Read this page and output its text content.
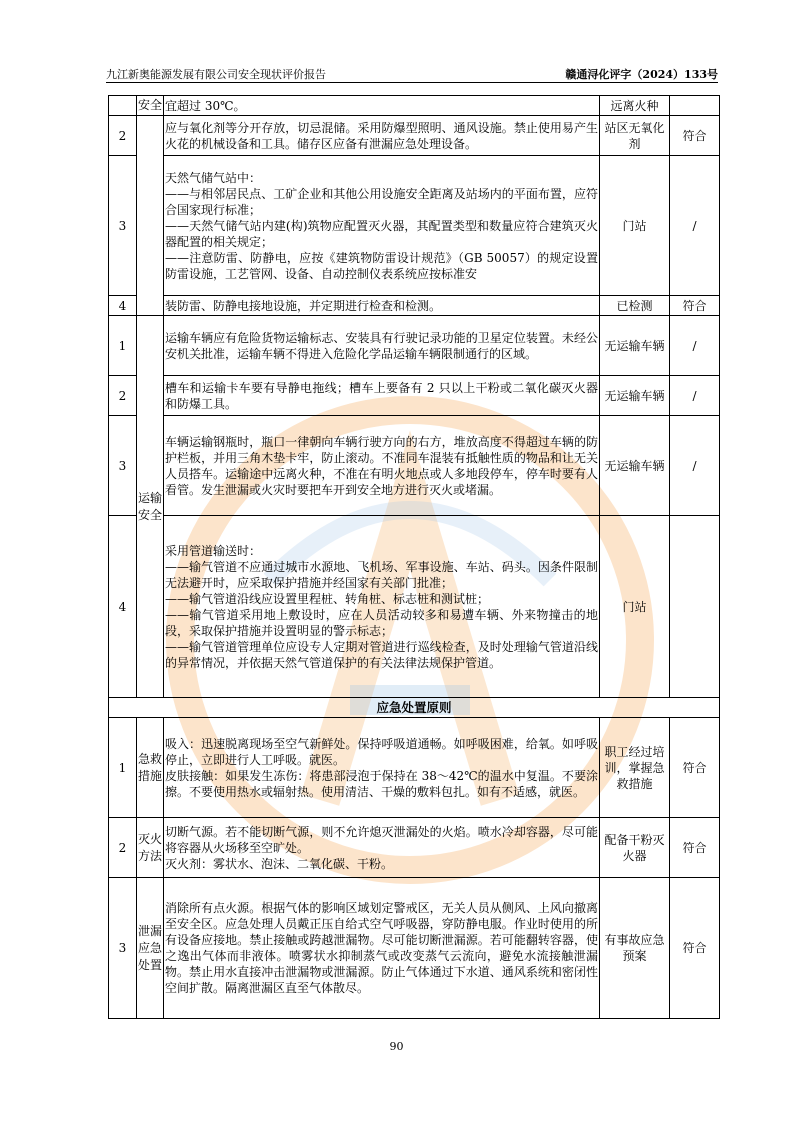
九江新奥能源发展有限公司安全现状评价报告	赣通浔化评字（2024）133号
	安全	宜超过 30℃。	远离火种	
2		应与氧化剂等分开存放，切忌混储。采用防爆型照明、通风设施。禁止使用易产生火花的机械设备和工具。储存区应备有泄漏应急处理设备。	站区无氧化剂	符合
3		天然气储气站中：
——与相邻居民点、工矿企业和其他公用设施安全距离及站场内的平面布置，应符合国家现行标准；
——天然气储气站内建(构)筑物应配置灭火器，其配置类型和数量应符合建筑灭火器配置的相关规定；
——注意防雷、防静电，应按《建筑物防雷设计规范》（GB 50057）的规定设置防雷设施，工艺管网、设备、自动控制仪表系统应按标准安	门站	/
4		装防雷、防静电接地设施，并定期进行检查和检测。	已检测	符合
1	运输安全	运输车辆应有危险货物运输标志、安装具有行驶记录功能的卫星定位装置。未经公安机关批准，运输车辆不得进入危险化学品运输车辆限制通行的区域。	无运输车辆	/
2		槽车和运输卡车要有导静电拖线；槽车上要备有 2 只以上干粉或二氧化碳灭火器和防爆工具。	无运输车辆	/
3		车辆运输钢瓶时，瓶口一律朝向车辆行驶方向的右方，堆放高度不得超过车辆的防护栏板，并用三角木垫卡牢，防止滚动。不准同车混装有抵触性质的物品和让无关人员搭车。运输途中远离火种，不准在有明火地点或人多地段停车，停车时要有人看管。发生泄漏或火灾时要把车开到安全地方进行灭火或堵漏。	无运输车辆	/
4		采用管道输送时：
——输气管道不应通过城市水源地、飞机场、军事设施、车站、码头。因条件限制无法避开时，应采取保护措施并经国家有关部门批准；
——输气管道沿线应设置里程桩、转角桩、标志桩和测试桩；
——输气管道采用地上敷设时，应在人员活动较多和易遭车辆、外来物撞击的地段，采取保护措施并设置明显的警示标志；
——输气管道管理单位应设专人定期对管道进行巡线检查，及时处理输气管道沿线的异常情况，并依据天然气管道保护的有关法律法规保护管道。	门站	
应急处置原则				
1	急救措施	吸入：迅速脱离现场至空气新鲜处。保持呼吸道通畅。如呼吸困难，给氧。如呼吸停止，立即进行人工呼吸。就医。
皮肤接触：如果发生冻伤：将患部浸泡于保持在 38～42℃的温水中复温。不要涂擦。不要使用热水或辐射热。使用清洁、干燥的敷料包扎。如有不适感，就医。	职工经过培训，掌握急救措施	符合
2	灭火方法	切断气源。若不能切断气源，则不允许熄灭泄漏处的火焰。喷水冷却容器，尽可能将容器从火场移至空旷处。
灭火剂：雾状水、泡沫、二氧化碳、干粉。	配备干粉灭火器	符合
3	泄漏应急处置	消除所有点火源。根据气体的影响区域划定警戒区，无关人员从侧风、上风向撤离至安全区。应急处理人员戴正压自给式空气呼吸器，穿防静电服。作业时使用的所有设备应接地。禁止接触或跨越泄漏物。尽可能切断泄漏源。若可能翻转容器，使之逸出气体而非液体。喷雾状水抑制蒸气或改变蒸气云流向，避免水流接触泄漏物。禁止用水直接冲击泄漏物或泄漏源。防止气体通过下水道、通风系统和密闭性空间扩散。隔离泄漏区直至气体散尽。	有事故应急预案	符合
90
